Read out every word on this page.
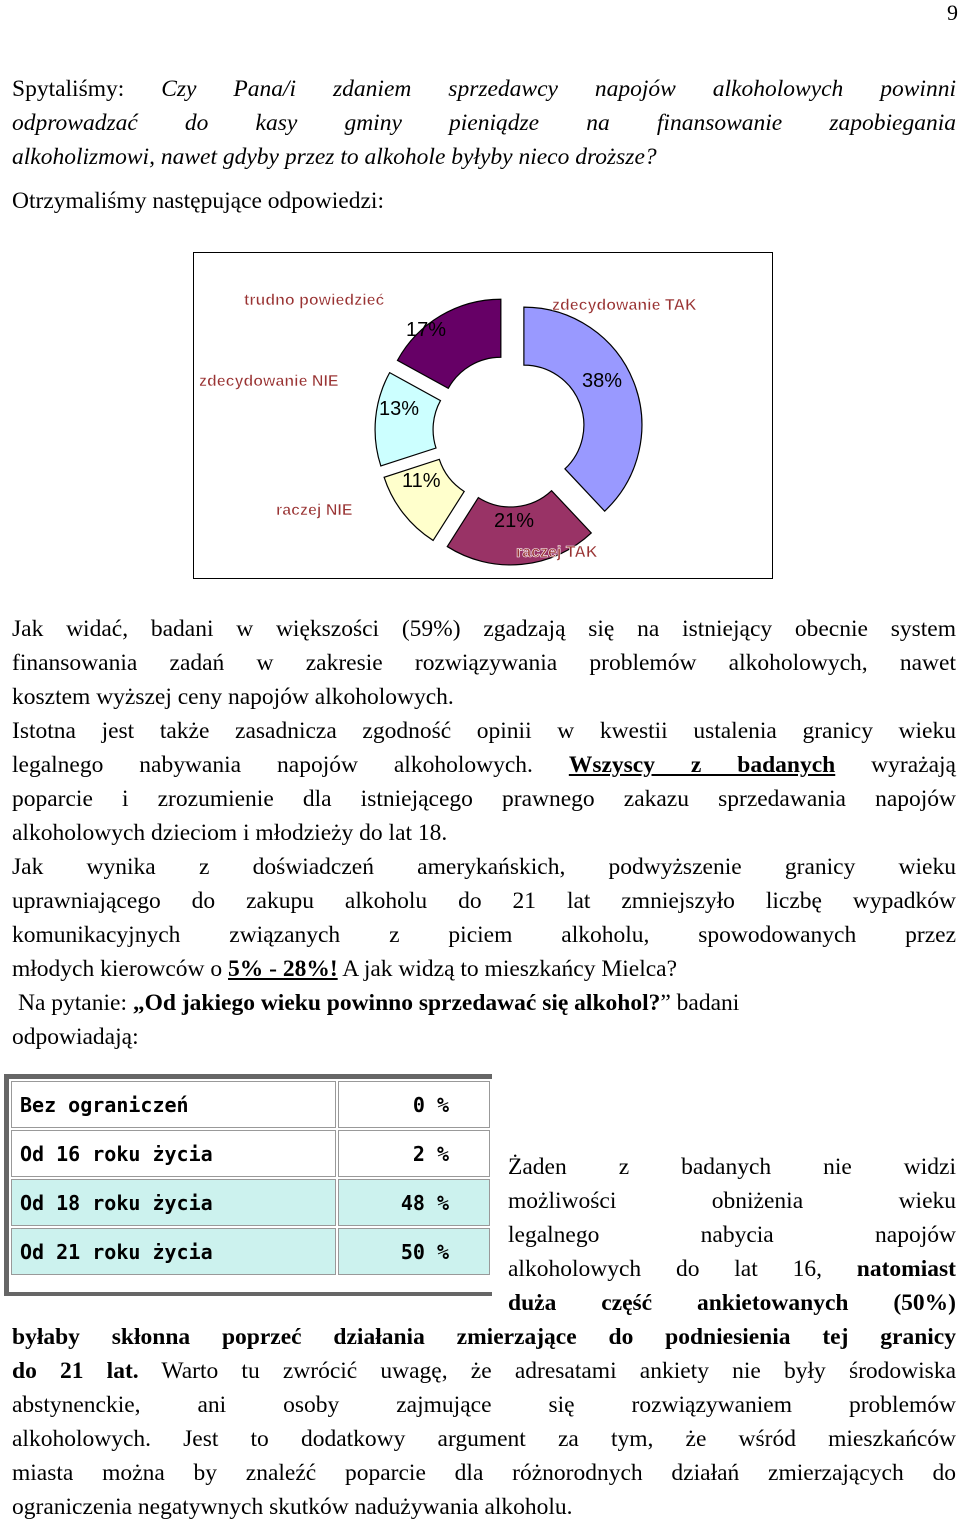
9
Spytaliśmy: Czy Pana/i zdaniem sprzedawcy napojów alkoholowych powinni
odprowadzać do kasy gminy pieniądze na finansowanie zapobiegania
alkoholizmowi, nawet gdyby przez to alkohole byłyby nieco droższe?
Otrzymaliśmy następujące odpowiedzi:
zdecydowanie TAK
38%
raczej TAK
21%
raczej NIE
11%
zdecydowanie NIE
13%
trudno powiedzieć
17%
Jak widać, badani w większości (59%) zgadzają się na istniejący obecnie system
finansowania zadań w zakresie rozwiązywania problemów alkoholowych, nawet
kosztem wyższej ceny napojów alkoholowych.
Istotna jest także zasadnicza zgodność opinii w kwestii ustalenia granicy wieku
legalnego nabywania napojów alkoholowych. Wszyscy z badanych wyrażają
poparcie i zrozumienie dla istniejącego prawnego zakazu sprzedawania napojów
alkoholowych dzieciom i młodzieży do lat 18.
Jak wynika z doświadczeń amerykańskich, podwyższenie granicy wieku
uprawniającego do zakupu alkoholu do 21 lat zmniejszyło liczbę wypadków
komunikacyjnych związanych z piciem alkoholu, spowodowanych przez
młodych kierowców o 5% - 28%! A jak widzą to mieszkańcy Mielca?
Na pytanie: „Od jakiego wieku powinno sprzedawać się alkohol?” badani
odpowiadają:
Bez ograniczeń	0 %
Od 16 roku życia	2 %
Od 18 roku życia	48 %
Od 21 roku życia	50 %
Żaden z badanych nie widzi
możliwości obniżenia wieku
legalnego nabycia napojów
alkoholowych do lat 16, natomiast
duża część ankietowanych (50%)
byłaby skłonna poprzeć działania zmierzające do podniesienia tej granicy
do 21 lat. Warto tu zwrócić uwagę, że adresatami ankiety nie były środowiska
abstynenckie, ani osoby zajmujące się rozwiązywaniem problemów
alkoholowych. Jest to dodatkowy argument za tym, że wśród mieszkańców
miasta można by znaleźć poparcie dla różnorodnych działań zmierzających do
ograniczenia negatywnych skutków nadużywania alkoholu.
